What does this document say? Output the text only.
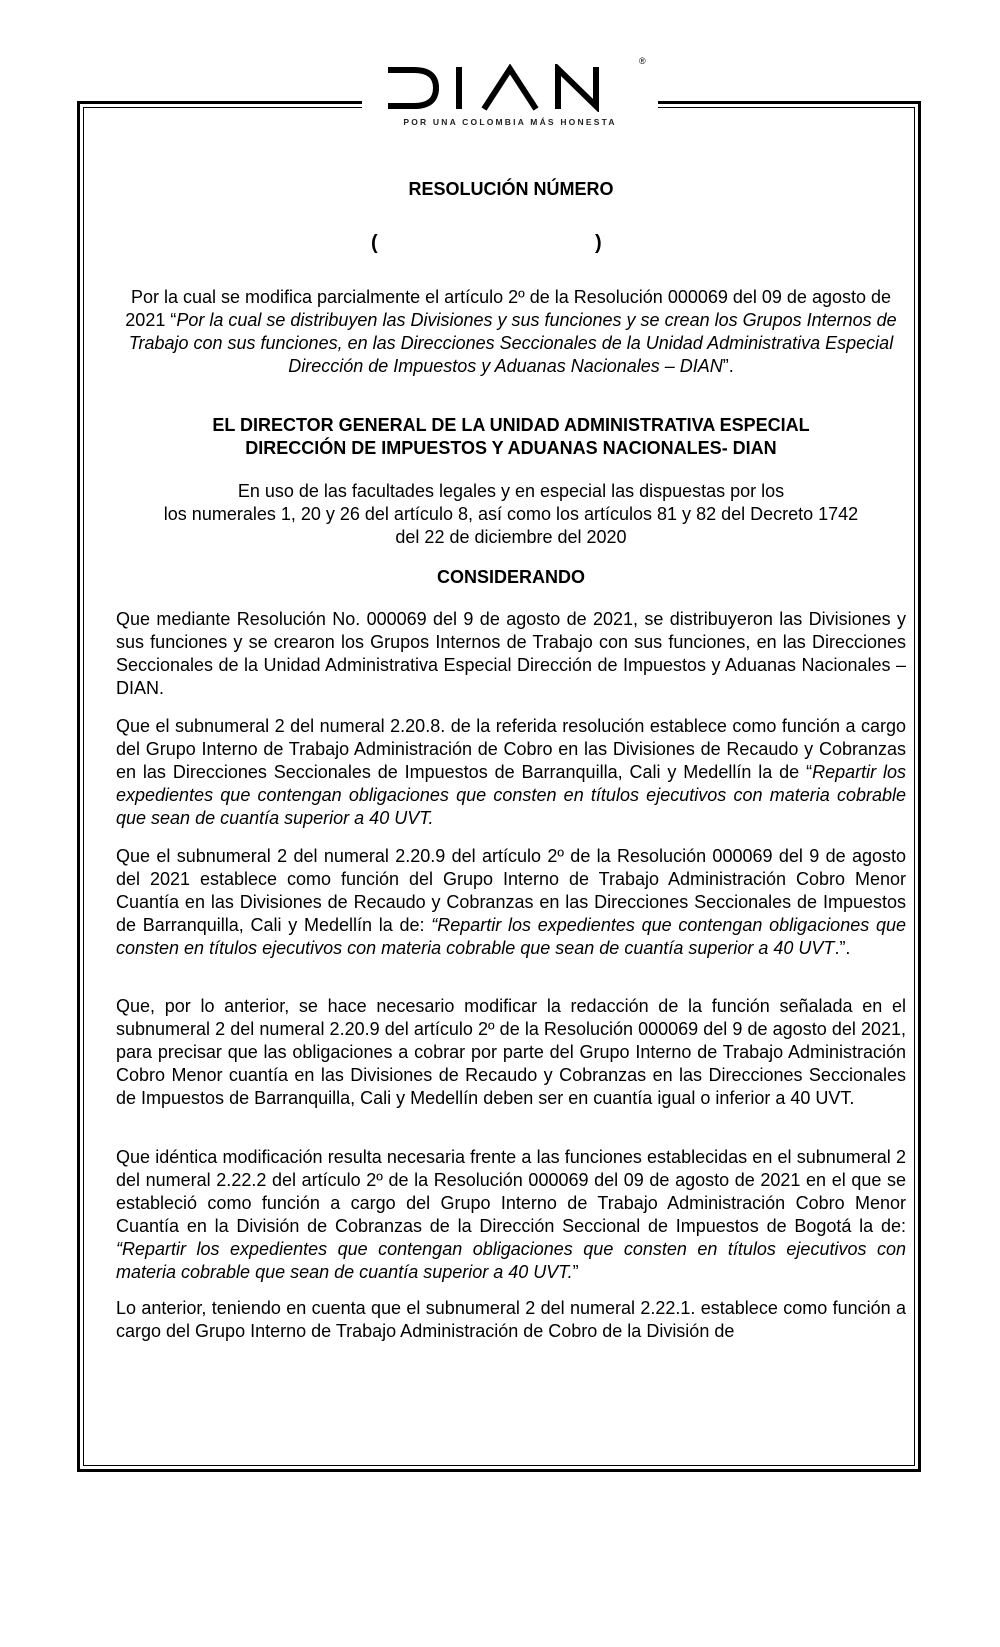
®
POR UNA COLOMBIA MÁS HONESTA
RESOLUCIÓN NÚMERO
(	)
Por la cual se modifica parcialmente el artículo 2º de la Resolución 000069 del 09 de agosto de 2021 “Por la cual se distribuyen las Divisiones y sus funciones y se crean los Grupos Internos de Trabajo con sus funciones, en las Direcciones Seccionales de la Unidad Administrativa Especial Dirección de Impuestos y Aduanas Nacionales – DIAN”.
EL DIRECTOR GENERAL DE LA UNIDAD ADMINISTRATIVA ESPECIAL
DIRECCIÓN DE IMPUESTOS Y ADUANAS NACIONALES- DIAN
En uso de las facultades legales y en especial las dispuestas por los
los numerales 1, 20 y 26 del artículo 8, así como los artículos 81 y 82 del Decreto 1742
del 22 de diciembre del 2020
CONSIDERANDO
Que mediante Resolución No. 000069 del 9 de agosto de 2021, se distribuyeron las Divisiones y sus funciones y se crearon los Grupos Internos de Trabajo con sus funciones, en las Direcciones Seccionales de la Unidad Administrativa Especial Dirección de Impuestos y Aduanas Nacionales – DIAN.
Que el subnumeral 2 del numeral 2.20.8. de la referida resolución establece como función a cargo del Grupo Interno de Trabajo Administración de Cobro en las Divisiones de Recaudo y Cobranzas en las Direcciones Seccionales de Impuestos de Barranquilla, Cali y Medellín la de “Repartir los expedientes que contengan obligaciones que consten en títulos ejecutivos con materia cobrable que sean de cuantía superior a 40 UVT.
Que el subnumeral 2 del numeral 2.20.9 del artículo 2º de la Resolución 000069 del 9 de agosto del 2021 establece como función del Grupo Interno de Trabajo Administración Cobro Menor Cuantía en las Divisiones de Recaudo y Cobranzas en las Direcciones Seccionales de Impuestos de Barranquilla, Cali y Medellín la de: “Repartir los expedientes que contengan obligaciones que consten en títulos ejecutivos con materia cobrable que sean de cuantía superior a 40 UVT.”.
Que, por lo anterior, se hace necesario modificar la redacción de la función señalada en el subnumeral 2 del numeral 2.20.9 del artículo 2º de la Resolución 000069 del 9 de agosto del 2021, para precisar que las obligaciones a cobrar por parte del Grupo Interno de Trabajo Administración Cobro Menor cuantía en las Divisiones de Recaudo y Cobranzas en las Direcciones Seccionales de Impuestos de Barranquilla, Cali y Medellín deben ser en cuantía igual o inferior a 40 UVT.
Que idéntica modificación resulta necesaria frente a las funciones establecidas en el subnumeral 2 del numeral 2.22.2 del artículo 2º de la Resolución 000069 del 09 de agosto de 2021 en el que se estableció como función a cargo del Grupo Interno de Trabajo Administración Cobro Menor Cuantía en la División de Cobranzas de la Dirección Seccional de Impuestos de Bogotá la de: “Repartir los expedientes que contengan obligaciones que consten en títulos ejecutivos con materia cobrable que sean de cuantía superior a 40 UVT.”
Lo anterior, teniendo en cuenta que el subnumeral 2 del numeral 2.22.1. establece como función a cargo del Grupo Interno de Trabajo Administración de Cobro de la División de
